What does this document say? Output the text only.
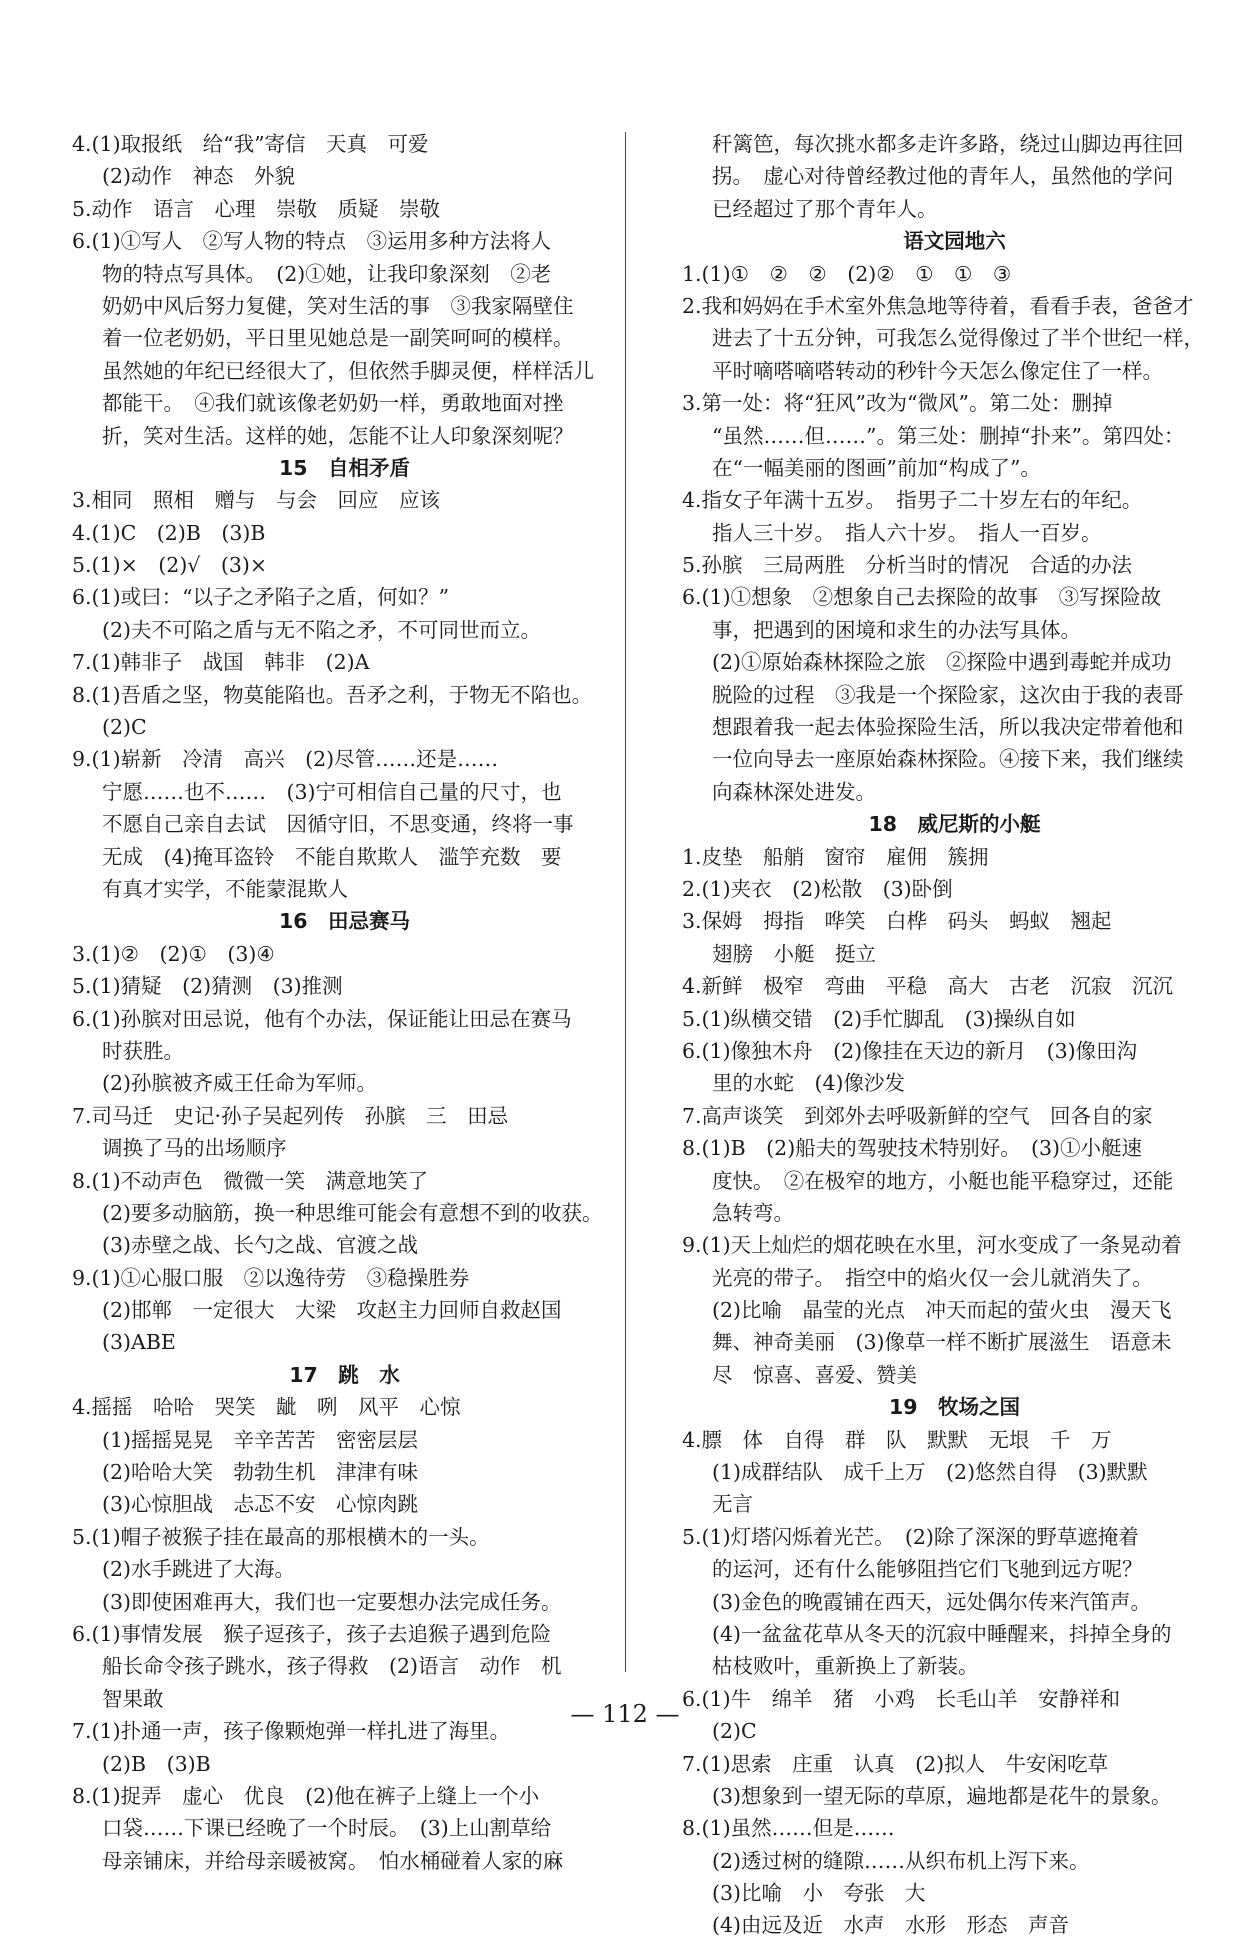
4.(1)取报纸　给“我”寄信　天真　可爱
(2)动作　神态　外貌
5.动作　语言　心理　崇敬　质疑　崇敬
6.(1)①写人　②写人物的特点　③运用多种方法将人
物的特点写具体。　(2)①她，让我印象深刻　②老
奶奶中风后努力复健，笑对生活的事　③我家隔壁住
着一位老奶奶，平日里见她总是一副笑呵呵的模样。
虽然她的年纪已经很大了，但依然手脚灵便，样样活儿
都能干。　④我们就该像老奶奶一样，勇敢地面对挫
折，笑对生活。这样的她，怎能不让人印象深刻呢？
15　自相矛盾
3.相同　照相　赠与　与会　回应　应该
4.(1)C　(2)B　(3)B
5.(1)×　(2)√　(3)×
6.(1)或曰：“以子之矛陷子之盾，何如？”
(2)夫不可陷之盾与无不陷之矛，不可同世而立。
7.(1)韩非子　战国　韩非　(2)A
8.(1)吾盾之坚，物莫能陷也。吾矛之利，于物无不陷也。
(2)C
9.(1)崭新　冷清　高兴　(2)尽管……还是……
宁愿……也不……　(3)宁可相信自己量的尺寸，也
不愿自己亲自去试　因循守旧，不思变通，终将一事
无成　(4)掩耳盗铃　不能自欺欺人　滥竽充数　要
有真才实学，不能蒙混欺人
16　田忌赛马
3.(1)②　(2)①　(3)④
5.(1)猜疑　(2)猜测　(3)推测
6.(1)孙膑对田忌说，他有个办法，保证能让田忌在赛马
时获胜。
(2)孙膑被齐威王任命为军师。
7.司马迁　史记·孙子吴起列传　孙膑　三　田忌
调换了马的出场顺序
8.(1)不动声色　微微一笑　满意地笑了
(2)要多动脑筋，换一种思维可能会有意想不到的收获。
(3)赤壁之战、长勺之战、官渡之战
9.(1)①心服口服　②以逸待劳　③稳操胜券
(2)邯郸　一定很大　大梁　攻赵主力回师自救赵国
(3)ABE
17　跳　水
4.摇摇　哈哈　哭笑　龇　咧　风平　心惊
(1)摇摇晃晃　辛辛苦苦　密密层层
(2)哈哈大笑　勃勃生机　津津有味
(3)心惊胆战　忐忑不安　心惊肉跳
5.(1)帽子被猴子挂在最高的那根横木的一头。
(2)水手跳进了大海。
(3)即使困难再大，我们也一定要想办法完成任务。
6.(1)事情发展　猴子逗孩子，孩子去追猴子遇到危险
船长命令孩子跳水，孩子得救　(2)语言　动作　机
智果敢
7.(1)扑通一声，孩子像颗炮弹一样扎进了海里。
(2)B　(3)B
8.(1)捉弄　虚心　优良　(2)他在裤子上缝上一个小
口袋……下课已经晚了一个时辰。　(3)上山割草给
母亲铺床，并给母亲暖被窝。　怕水桶碰着人家的麻
秆篱笆，每次挑水都多走许多路，绕过山脚边再往回
拐。　虚心对待曾经教过他的青年人，虽然他的学问
已经超过了那个青年人。
语文园地六
1.(1)①　②　②　(2)②　①　①　③
2.我和妈妈在手术室外焦急地等待着，看看手表，爸爸才
进去了十五分钟，可我怎么觉得像过了半个世纪一样，
平时嘀嗒嘀嗒转动的秒针今天怎么像定住了一样。
3.第一处：将“狂风”改为“微风”。第二处：删掉
“虽然……但……”。第三处：删掉“扑来”。第四处：
在“一幅美丽的图画”前加“构成了”。
4.指女子年满十五岁。　指男子二十岁左右的年纪。
指人三十岁。　指人六十岁。　指人一百岁。
5.孙膑　三局两胜　分析当时的情况　合适的办法
6.(1)①想象　②想象自己去探险的故事　③写探险故
事，把遇到的困境和求生的办法写具体。
(2)①原始森林探险之旅　②探险中遇到毒蛇并成功
脱险的过程　③我是一个探险家，这次由于我的表哥
想跟着我一起去体验探险生活，所以我决定带着他和
一位向导去一座原始森林探险。④接下来，我们继续
向森林深处进发。
18　威尼斯的小艇
1.皮垫　船艄　窗帘　雇佣　簇拥
2.(1)夹衣　(2)松散　(3)卧倒
3.保姆　拇指　哗笑　白桦　码头　蚂蚁　翘起
翅膀　小艇　挺立
4.新鲜　极窄　弯曲　平稳　高大　古老　沉寂　沉沉
5.(1)纵横交错　(2)手忙脚乱　(3)操纵自如
6.(1)像独木舟　(2)像挂在天边的新月　(3)像田沟
里的水蛇　(4)像沙发
7.高声谈笑　到郊外去呼吸新鲜的空气　回各自的家
8.(1)B　(2)船夫的驾驶技术特别好。　(3)①小艇速
度快。　②在极窄的地方，小艇也能平稳穿过，还能
急转弯。
9.(1)天上灿烂的烟花映在水里，河水变成了一条晃动着
光亮的带子。　指空中的焰火仅一会儿就消失了。
(2)比喻　晶莹的光点　冲天而起的萤火虫　漫天飞
舞、神奇美丽　(3)像草一样不断扩展滋生　语意未
尽　惊喜、喜爱、赞美
19　牧场之国
4.膘　体　自得　群　队　默默　无垠　千　万
(1)成群结队　成千上万　(2)悠然自得　(3)默默
无言
5.(1)灯塔闪烁着光芒。　(2)除了深深的野草遮掩着
的运河，还有什么能够阻挡它们飞驰到远方呢？
(3)金色的晚霞铺在西天，远处偶尔传来汽笛声。
(4)一盆盆花草从冬天的沉寂中睡醒来，抖掉全身的
枯枝败叶，重新换上了新装。
6.(1)牛　绵羊　猪　小鸡　长毛山羊　安静祥和
(2)C
7.(1)思索　庄重　认真　(2)拟人　牛安闲吃草
(3)想象到一望无际的草原，遍地都是花牛的景象。
8.(1)虽然……但是……
(2)透过树的缝隙……从织布机上泻下来。
(3)比喻　小　夸张　大
(4)由远及近　水声　水形　形态　声音
— 112 —
